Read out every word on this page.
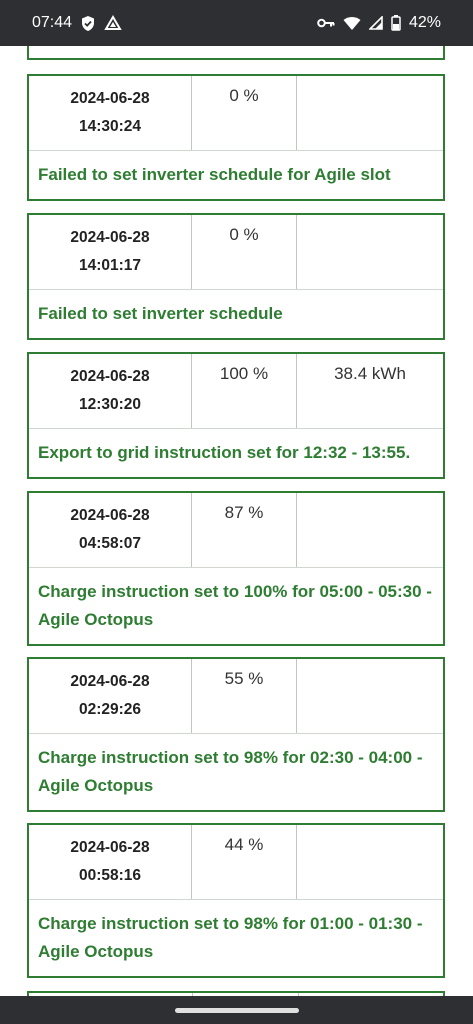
07:44	42%
2024-06-28
14:30:24
0 %
Failed to set inverter schedule for Agile slot
2024-06-28
14:01:17
0 %
Failed to set inverter schedule
2024-06-28
12:30:20
100 %	38.4 kWh
Export to grid instruction set for 12:32 - 13:55.
2024-06-28
04:58:07
87 %
Charge instruction set to 100% for 05:00 - 05:30 - Agile Octopus
2024-06-28
02:29:26
55 %
Charge instruction set to 98% for 02:30 - 04:00 - Agile Octopus
2024-06-28
00:58:16
44 %
Charge instruction set to 98% for 01:00 - 01:30 - Agile Octopus
